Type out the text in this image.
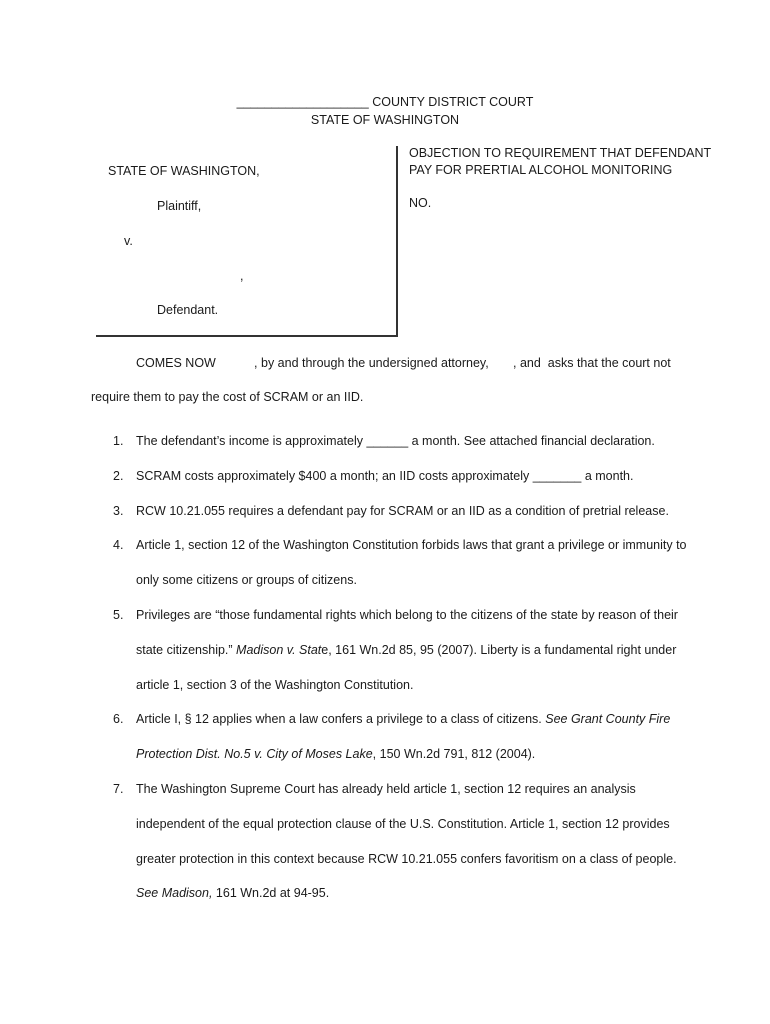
___________________ COUNTY DISTRICT COURT
STATE OF WASHINGTON
STATE OF WASHINGTON,
Plaintiff,
v.
,
Defendant.
OBJECTION TO REQUIREMENT THAT DEFENDANT
PAY FOR PRERTIAL ALCOHOL MONITORING
NO.
COMES NOW           , by and through the undersigned attorney,       , and  asks that the court not
require them to pay the cost of SCRAM or an IID.
1. The defendant’s income is approximately ______ a month. See attached financial declaration.
2. SCRAM costs approximately $400 a month; an IID costs approximately _______ a month.
3. RCW 10.21.055 requires a defendant pay for SCRAM or an IID as a condition of pretrial release.
4. Article 1, section 12 of the Washington Constitution forbids laws that grant a privilege or immunity to only some citizens or groups of citizens.
5. Privileges are “those fundamental rights which belong to the citizens of the state by reason of their state citizenship.” Madison v. State, 161 Wn.2d 85, 95 (2007). Liberty is a fundamental right under article 1, section 3 of the Washington Constitution.
6. Article I, § 12 applies when a law confers a privilege to a class of citizens. See Grant County Fire Protection Dist. No.5 v. City of Moses Lake, 150 Wn.2d 791, 812 (2004).
7. The Washington Supreme Court has already held article 1, section 12 requires an analysis independent of the equal protection clause of the U.S. Constitution. Article 1, section 12 provides greater protection in this context because RCW 10.21.055 confers favoritism on a class of people. See Madison, 161 Wn.2d at 94-95.
